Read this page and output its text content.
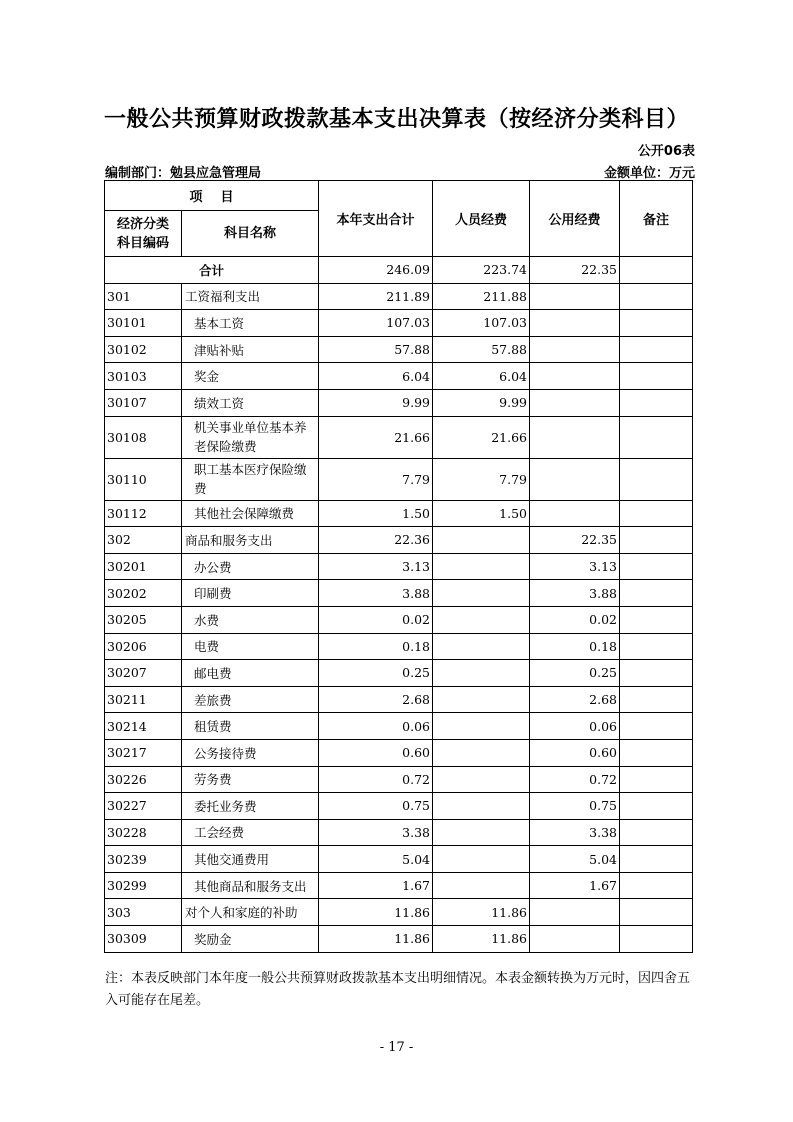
一般公共预算财政拨款基本支出决算表（按经济分类科目）
公开06表
编制部门：勉县应急管理局	金额单位：万元
项    目		本年支出合计	人员经费	公用经费	备注

经济分类
科目编码	科目名称				
合计		246.09	223.74	22.35	
301	工资福利支出	211.89	211.88		
30101	基本工资	107.03	107.03		
30102	津贴补贴	57.88	57.88		
30103	奖金	6.04	6.04		
30107	绩效工资	9.99	9.99		
30108	机关事业单位基本养老保险缴费	21.66	21.66		
30110	职工基本医疗保险缴费	7.79	7.79		
30112	其他社会保障缴费	1.50	1.50		
302	商品和服务支出	22.36		22.35	
30201	办公费	3.13		3.13	
30202	印刷费	3.88		3.88	
30205	水费	0.02		0.02	
30206	电费	0.18		0.18	
30207	邮电费	0.25		0.25	
30211	差旅费	2.68		2.68	
30214	租赁费	0.06		0.06	
30217	公务接待费	0.60		0.60	
30226	劳务费	0.72		0.72	
30227	委托业务费	0.75		0.75	
30228	工会经费	3.38		3.38	
30239	其他交通费用	5.04		5.04	
30299	其他商品和服务支出	1.67		1.67	
303	对个人和家庭的补助	11.86	11.86		
30309	奖励金	11.86	11.86		
注：本表反映部门本年度一般公共预算财政拨款基本支出明细情况。本表金额转换为万元时，因四舍五入可能存在尾差。
- 17 -
